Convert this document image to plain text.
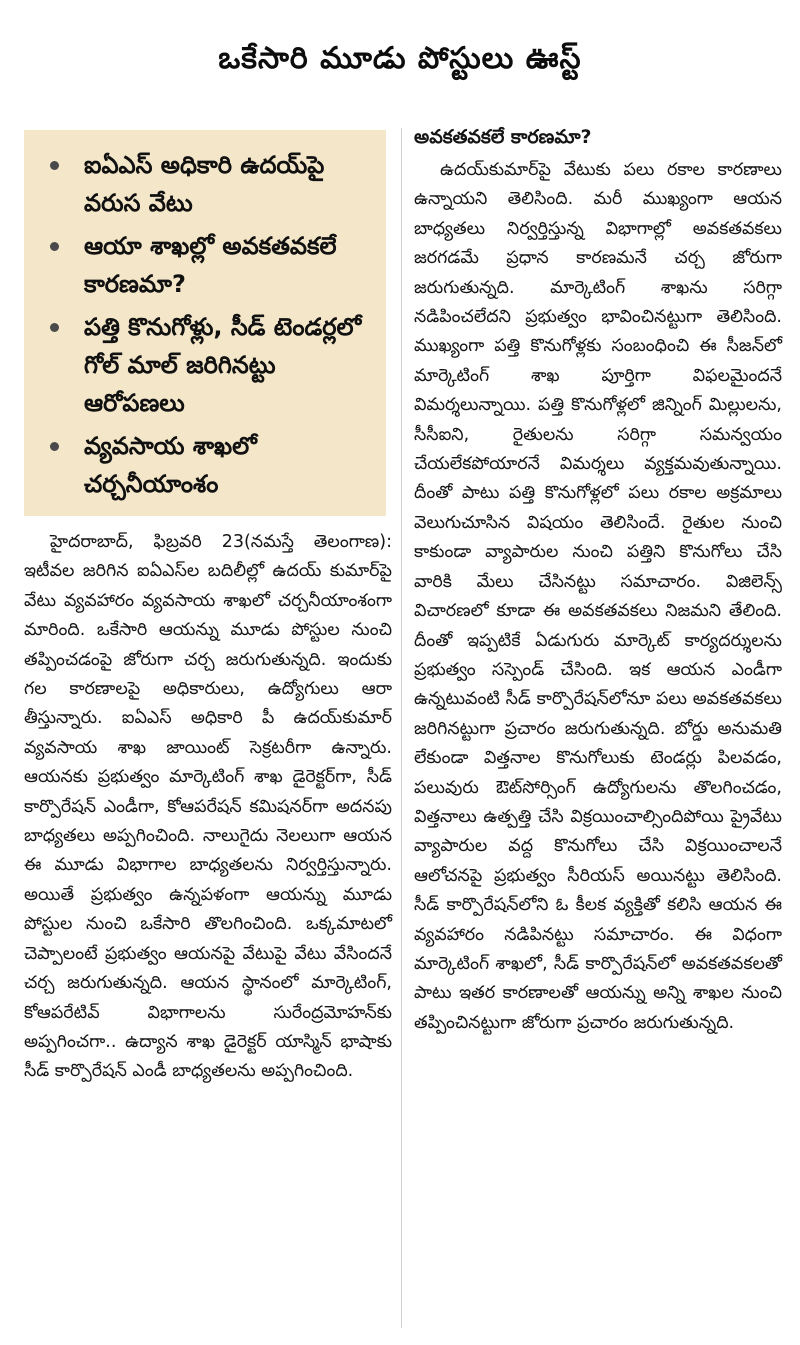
ఒకేసారి మూడు పోస్టులు ఊస్ట్
ఐఏఎస్ అధికారి ఉదయ్‌పై వరుస వేటు
ఆయా శాఖల్లో అవకతవకలే కారణమా?
పత్తి కొనుగోళ్లు, సీడ్ టెండర్లలో గోల్ మాల్ జరిగినట్టు ఆరోపణలు
వ్యవసాయ శాఖలో చర్చనీయాంశం

హైదరాబాద్, ఫిబ్రవరి 23(నమస్తే తెలంగాణ): ఇటీవల జరిగిన ఐఏఎస్‌ల బదిలీల్లో ఉదయ్ కుమార్‌పై వేటు వ్యవహారం వ్యవసాయ శాఖలో చర్చనీయాంశంగా మారింది. ఒకేసారి ఆయన్ను మూడు పోస్టుల నుంచి తప్పించడంపై జోరుగా చర్చ జరుగుతున్నది. ఇందుకు గల కారణాలపై అధికారులు, ఉద్యోగులు ఆరా తీస్తున్నారు. ఐఏఎస్ అధికారి పీ ఉదయ్‌కుమార్ వ్యవసాయ శాఖ జాయింట్ సెక్రటరీగా ఉన్నారు. ఆయనకు ప్రభుత్వం మార్కెటింగ్ శాఖ డైరెక్టర్‌గా, సీడ్ కార్పొరేషన్ ఎండీగా, కోఆపరేషన్ కమిషనర్‌గా అదనపు బాధ్యతలు అప్పగించింది. నాలుగైదు నెలలుగా ఆయన ఈ మూడు విభాగాల బాధ్యతలను నిర్వర్తిస్తున్నారు. అయితే ప్రభుత్వం ఉన్నపళంగా ఆయన్ను మూడు పోస్టుల నుంచి ఒకేసారి తొలగించింది. ఒక్కమాటలో చెప్పాలంటే ప్రభుత్వం ఆయనపై వేటుపై వేటు వేసిందనే చర్చ జరుగుతున్నది. ఆయన స్థానంలో మార్కెటింగ్, కోఆపరేటివ్ విభాగాలను సురేంద్రమోహన్‌కు అప్పగించగా.. ఉద్యాన శాఖ డైరెక్టర్ యాస్మిన్ భాషాకు సీడ్ కార్పొరేషన్ ఎండీ బాధ్యతలను అప్పగించింది.

అవకతవకలే కారణమా?

ఉదయ్‌కుమార్‌పై వేటుకు పలు రకాల కారణాలు ఉన్నాయని తెలిసింది. మరీ ముఖ్యంగా ఆయన బాధ్యతలు నిర్వర్తిస్తున్న విభాగాల్లో అవకతవకలు జరగడమే ప్రధాన కారణమనే చర్చ జోరుగా జరుగుతున్నది. మార్కెటింగ్ శాఖను సరిగ్గా నడిపించలేదని ప్రభుత్వం భావించినట్టుగా తెలిసింది. ముఖ్యంగా పత్తి కొనుగోళ్లకు సంబంధించి ఈ సీజన్‌లో మార్కెటింగ్ శాఖ పూర్తిగా విఫలమైందనే విమర్శలున్నాయి. పత్తి కొనుగోళ్లలో జిన్నింగ్ మిల్లులను, సీసీఐని, రైతులను సరిగ్గా సమన్వయం చేయలేకపోయారనే విమర్శలు వ్యక్తమవుతున్నాయి. దీంతో పాటు పత్తి కొనుగోళ్లలో పలు రకాల అక్రమాలు వెలుగుచూసిన విషయం తెలిసిందే. రైతుల నుంచి కాకుండా వ్యాపారుల నుంచి పత్తిని కొనుగోలు చేసి వారికి మేలు చేసినట్టు సమాచారం. విజిలెన్స్ విచారణలో కూడా ఈ అవకతవకలు నిజమని తేలింది. దీంతో ఇప్పటికే ఏడుగురు మార్కెట్ కార్యదర్శులను ప్రభుత్వం సస్పెండ్ చేసింది. ఇక ఆయన ఎండీగా ఉన్నటువంటి సీడ్ కార్పొరేషన్‌లోనూ పలు అవకతవకలు జరిగినట్టుగా ప్రచారం జరుగుతున్నది. బోర్డు అనుమతి లేకుండా విత్తనాల కొనుగోలుకు టెండర్లు పిలవడం, పలువురు ఔట్‌సోర్సింగ్ ఉద్యోగులను తొలగించడం, విత్తనాలు ఉత్పత్తి చేసి విక్రయించాల్సిందిపోయి ప్రైవేటు వ్యాపారుల వద్ద కొనుగోలు చేసి విక్రయించాలనే ఆలోచనపై ప్రభుత్వం సీరియస్ అయినట్టు తెలిసింది. సీడ్ కార్పొరేషన్‌లోని ఓ కీలక వ్యక్తితో కలిసి ఆయన ఈ వ్యవహారం నడిపినట్టు సమాచారం. ఈ విధంగా మార్కెటింగ్ శాఖలో, సీడ్ కార్పొరేషన్‌లో అవకతవకలతో పాటు ఇతర కారణాలతో ఆయన్ను అన్ని శాఖల నుంచి తప్పించినట్టుగా జోరుగా ప్రచారం జరుగుతున్నది.
